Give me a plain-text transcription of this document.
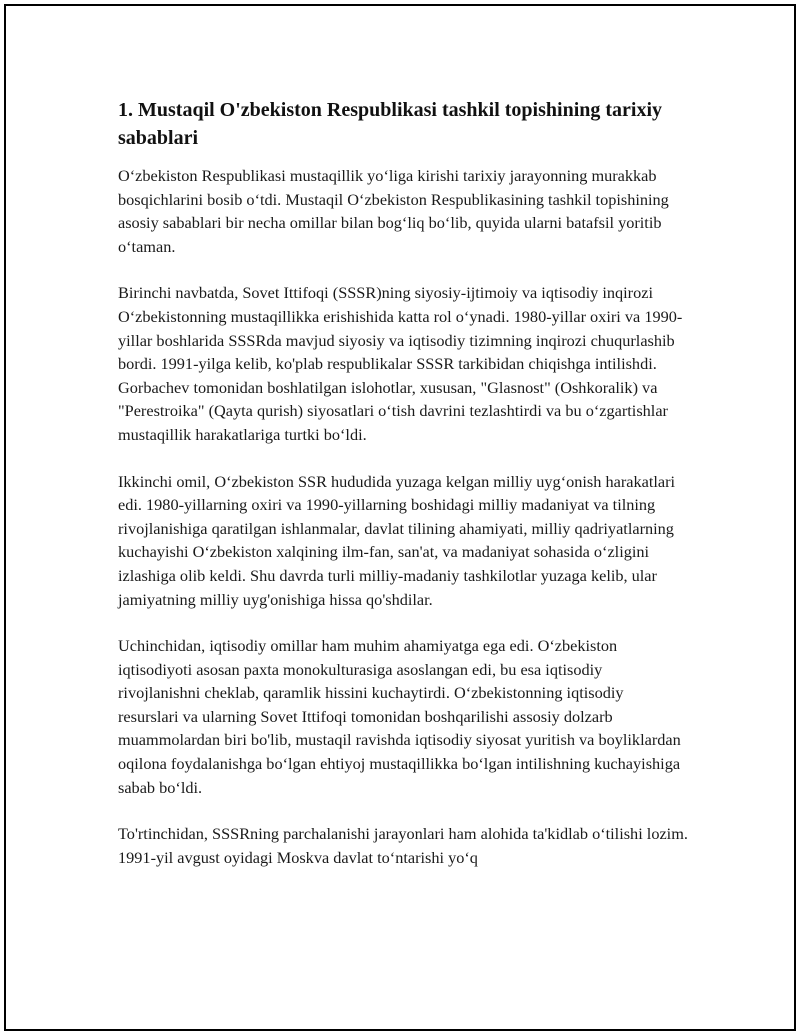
1. Mustaqil O'zbekiston Respublikasi tashkil topishining tarixiy sabablari

O‘zbekiston Respublikasi mustaqillik yo‘liga kirishi tarixiy jarayonning murakkab bosqichlarini bosib o‘tdi. Mustaqil O‘zbekiston Respublikasining tashkil topishining asosiy sabablari bir necha omillar bilan bog‘liq bo‘lib, quyida ularni batafsil yoritib o‘taman.

Birinchi navbatda, Sovet Ittifoqi (SSSR)ning siyosiy-ijtimoiy va iqtisodiy inqirozi O‘zbekistonning mustaqillikka erishishida katta rol o‘ynadi. 1980-yillar oxiri va 1990-yillar boshlarida SSSRda mavjud siyosiy va iqtisodiy tizimning inqirozi chuqurlashib bordi. 1991-yilga kelib, ko'plab respublikalar SSSR tarkibidan chiqishga intilishdi. Gorbachev tomonidan boshlatilgan islohotlar, xususan, "Glasnost" (Oshkoralik) va "Perestroika" (Qayta qurish) siyosatlari o‘tish davrini tezlashtirdi va bu o‘zgartishlar mustaqillik harakatlariga turtki bo‘ldi.

Ikkinchi omil, O‘zbekiston SSR hududida yuzaga kelgan milliy uyg‘onish harakatlari edi. 1980-yillarning oxiri va 1990-yillarning boshidagi milliy madaniyat va tilning rivojlanishiga qaratilgan ishlanmalar, davlat tilining ahamiyati, milliy qadriyatlarning kuchayishi O‘zbekiston xalqining ilm-fan, san'at, va madaniyat sohasida o‘zligini izlashiga olib keldi. Shu davrda turli milliy-madaniy tashkilotlar yuzaga kelib, ular jamiyatning milliy uyg'onishiga hissa qo'shdilar.

Uchinchidan, iqtisodiy omillar ham muhim ahamiyatga ega edi. O‘zbekiston iqtisodiyoti asosan paxta monokulturasiga asoslangan edi, bu esa iqtisodiy rivojlanishni cheklab, qaramlik hissini kuchaytirdi. O‘zbekistonning iqtisodiy resurslari va ularning Sovet Ittifoqi tomonidan boshqarilishi assosiy dolzarb muammolardan biri bo'lib, mustaqil ravishda iqtisodiy siyosat yuritish va boyliklardan oqilona foydalanishga bo‘lgan ehtiyoj mustaqillikka bo‘lgan intilishning kuchayishiga sabab bo‘ldi.

To'rtinchidan, SSSRning parchalanishi jarayonlari ham alohida ta'kidlab o‘tilishi lozim. 1991-yil avgust oyidagi Moskva davlat to‘ntarishi yo‘q
